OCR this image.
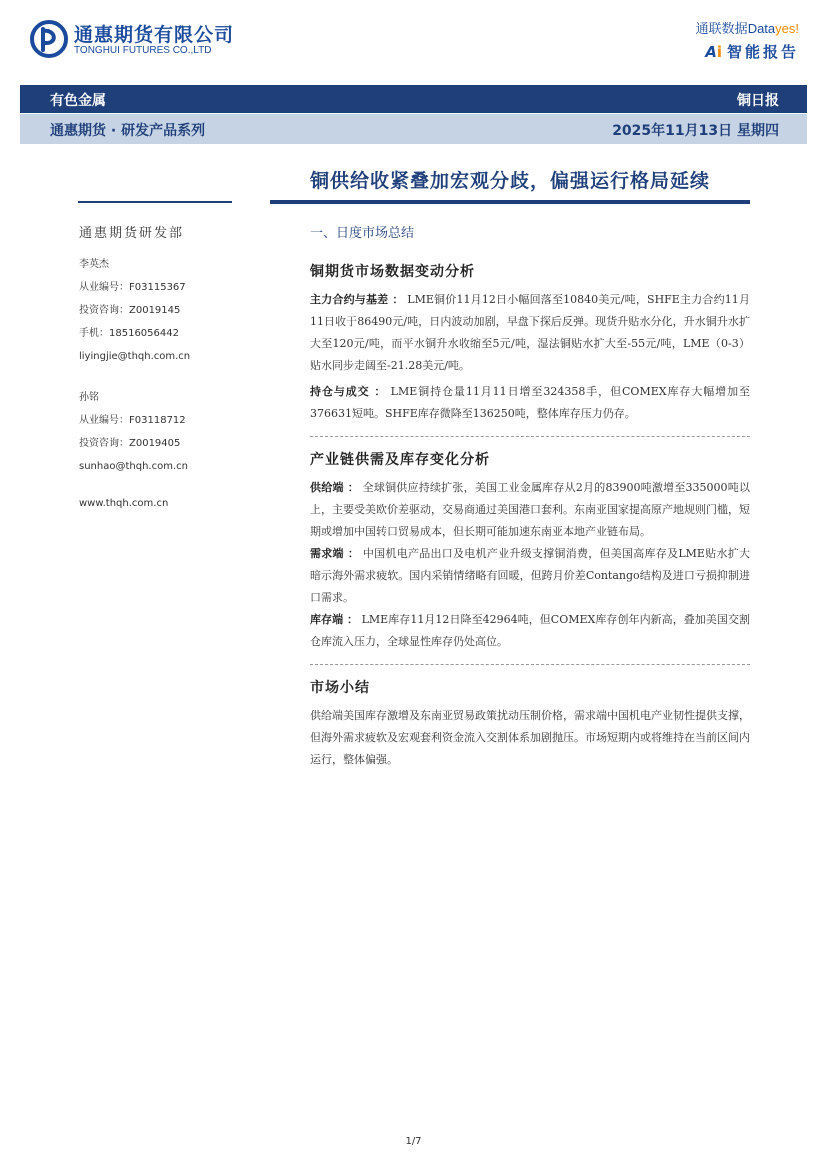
通惠期货有限公司
TONGHUI FUTURES CO.,LTD
通联数据Datayes!
Ai 智能报告
有色金属	铜日报
通惠期货 · 研发产品系列	2025年11月13日 星期四
铜供给收紧叠加宏观分歧，偏强运行格局延续
通惠期货研发部
李英杰
从业编号：F03115367
投资咨询：Z0019145
手机：18516056442
liyingjie@thqh.com.cn
孙铭
从业编号：F03118712
投资咨询：Z0019405
sunhao@thqh.com.cn
www.thqh.com.cn
一、日度市场总结
铜期货市场数据变动分析
主力合约与基差 ： LME铜价11月12日小幅回落至10840美元/吨，SHFE主力合约11月11日收于86490元/吨，日内波动加剧，早盘下探后反弹。现货升贴水分化，升水铜升水扩大至120元/吨，而平水铜升水收缩至5元/吨，湿法铜贴水扩大至-55元/吨，LME（0-3）贴水同步走阔至-21.28美元/吨。
持仓与成交 ： LME铜持仓量11月11日增至324358手，但COMEX库存大幅增加至376631短吨。SHFE库存微降至136250吨，整体库存压力仍存。
产业链供需及库存变化分析
供给端 ： 全球铜供应持续扩张，美国工业金属库存从2月的83900吨激增至335000吨以上，主要受美欧价差驱动，交易商通过美国港口套利。东南亚国家提高原产地规则门槛，短期或增加中国转口贸易成本，但长期可能加速东南亚本地产业链布局。
需求端 ： 中国机电产品出口及电机产业升级支撑铜消费，但美国高库存及LME贴水扩大暗示海外需求疲软。国内采销情绪略有回暖，但跨月价差Contango结构及进口亏损抑制进口需求。
库存端 ： LME库存11月12日降至42964吨，但COMEX库存创年内新高，叠加美国交割仓库流入压力，全球显性库存仍处高位。
市场小结
供给端美国库存激增及东南亚贸易政策扰动压制价格，需求端中国机电产业韧性提供支撑，但海外需求疲软及宏观套利资金流入交割体系加剧抛压。市场短期内或将维持在当前区间内运行，整体偏强。
1/7
